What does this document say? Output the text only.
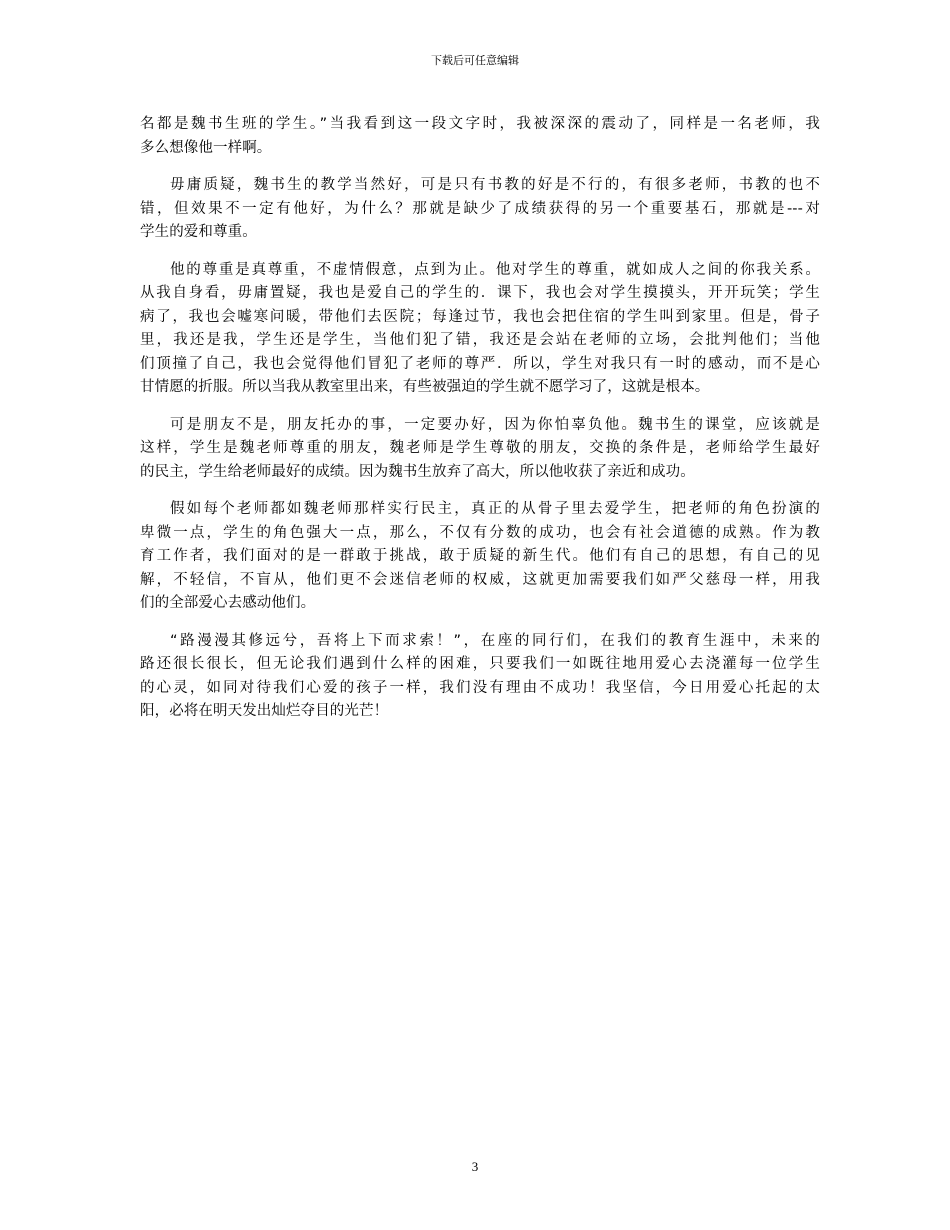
下载后可任意编辑
名都是魏书生班的学生。”当我看到这一段文字时，我被深深的震动了，同样是一名老师，我
多么想像他一样啊。
毋庸质疑，魏书生的教学当然好，可是只有书教的好是不行的，有很多老师，书教的也不
错，但效果不一定有他好，为什么？那就是缺少了成绩获得的另一个重要基石，那就是---对
学生的爱和尊重。
他的尊重是真尊重，不虚情假意，点到为止。他对学生的尊重，就如成人之间的你我关系。
从我自身看，毋庸置疑，我也是爱自己的学生的．课下，我也会对学生摸摸头，开开玩笑；学生
病了，我也会嘘寒问暖，带他们去医院；每逢过节，我也会把住宿的学生叫到家里。但是，骨子
里，我还是我，学生还是学生，当他们犯了错，我还是会站在老师的立场，会批判他们；当他
们顶撞了自己，我也会觉得他们冒犯了老师的尊严．所以，学生对我只有一时的感动，而不是心
甘情愿的折服。所以当我从教室里出来，有些被强迫的学生就不愿学习了，这就是根本。
可是朋友不是，朋友托办的事，一定要办好，因为你怕辜负他。魏书生的课堂，应该就是
这样，学生是魏老师尊重的朋友，魏老师是学生尊敬的朋友，交换的条件是，老师给学生最好
的民主，学生给老师最好的成绩。因为魏书生放弃了高大，所以他收获了亲近和成功。
假如每个老师都如魏老师那样实行民主，真正的从骨子里去爱学生，把老师的角色扮演的
卑微一点，学生的角色强大一点，那么，不仅有分数的成功，也会有社会道德的成熟。作为教
育工作者，我们面对的是一群敢于挑战，敢于质疑的新生代。他们有自己的思想，有自己的见
解，不轻信，不盲从，他们更不会迷信老师的权威，这就更加需要我们如严父慈母一样，用我
们的全部爱心去感动他们。
“路漫漫其修远兮，吾将上下而求索！”，在座的同行们，在我们的教育生涯中，未来的
路还很长很长，但无论我们遇到什么样的困难，只要我们一如既往地用爱心去浇灌每一位学生
的心灵，如同对待我们心爱的孩子一样，我们没有理由不成功！我坚信，今日用爱心托起的太
阳，必将在明天发出灿烂夺目的光芒！
3
